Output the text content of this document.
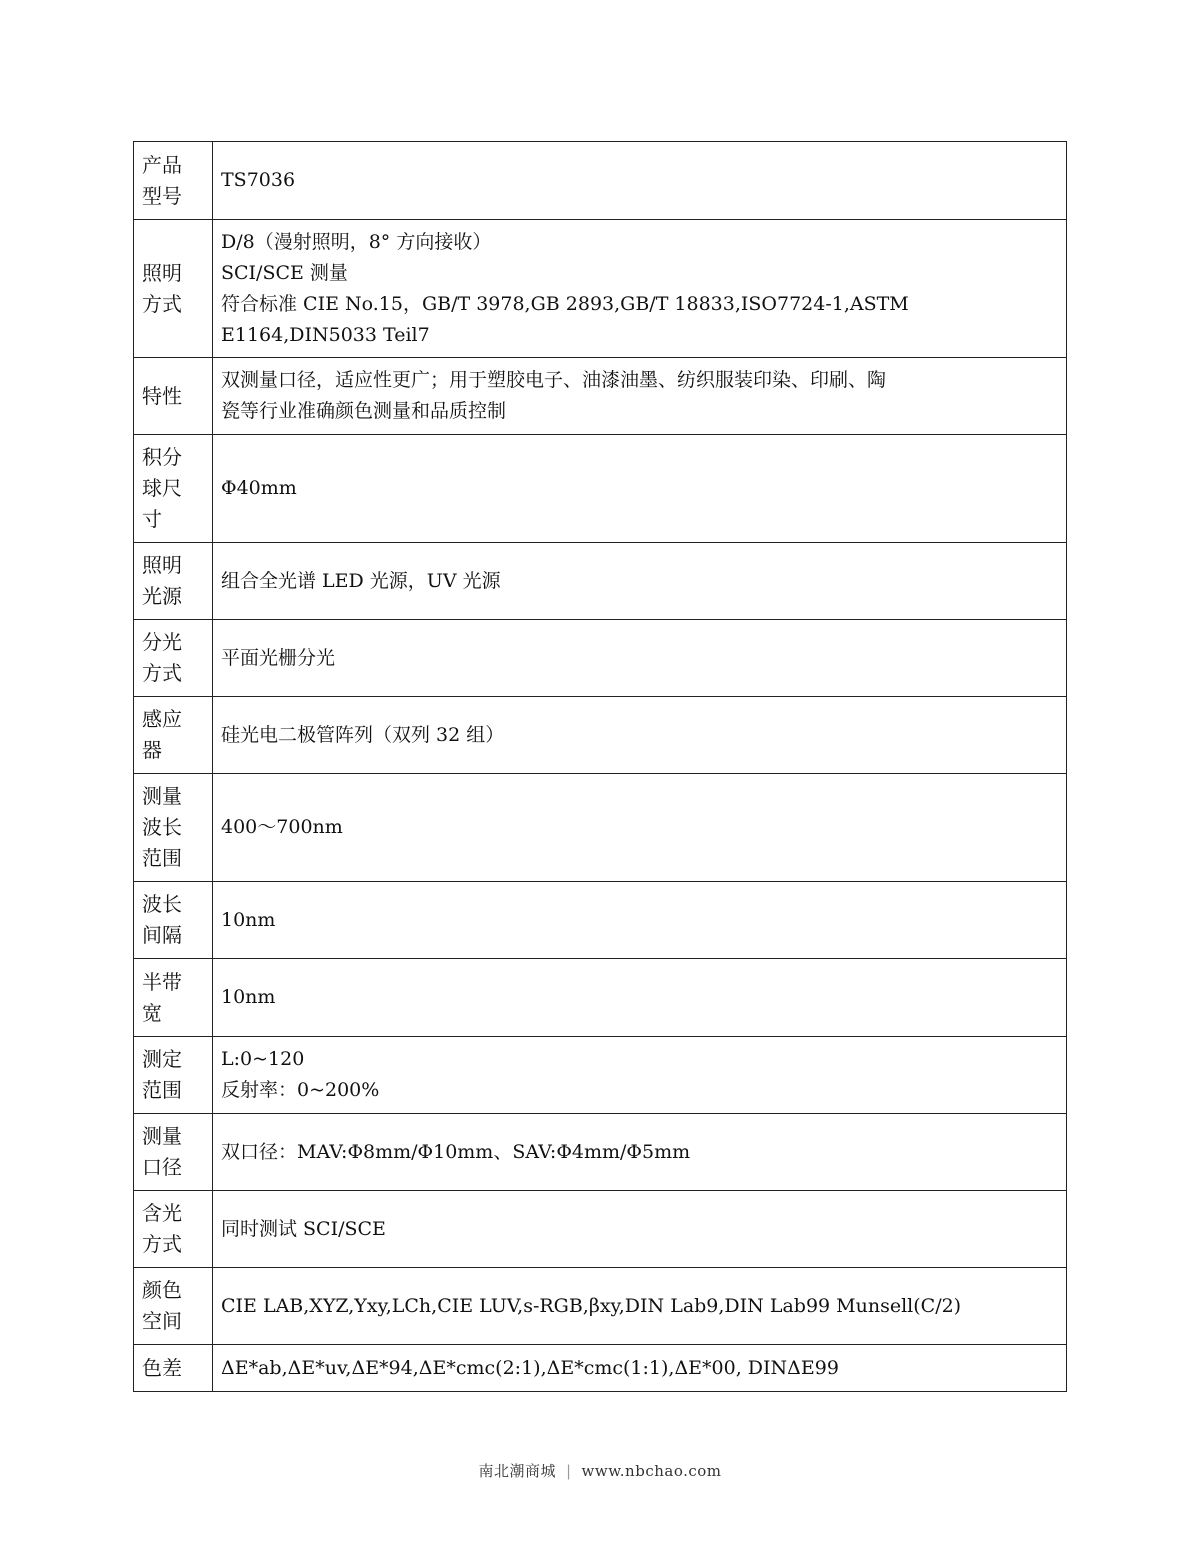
产品
型号	TS7036

照明
方式	D/8（漫射照明，8° 方向接收）
SCI/SCE 测量
符合标准 CIE No.15，GB/T 3978,GB 2893,GB/T 18833,ISO7724-1,ASTM
E1164,DIN5033 Teil7

特性	双测量口径，适应性更广；用于塑胶电子、油漆油墨、纺织服装印染、印刷、陶
瓷等行业准确颜色测量和品质控制

积分
球尺
寸	Φ40mm

照明
光源	组合全光谱 LED 光源，UV 光源

分光
方式	平面光栅分光

感应
器	硅光电二极管阵列（双列 32 组）

测量
波长
范围	400～700nm

波长
间隔	10nm

半带
宽	10nm

测定
范围	L:0~120
反射率：0~200%

测量
口径	双口径：MAV:Φ8mm/Φ10mm、SAV:Φ4mm/Φ5mm

含光
方式	同时测试 SCI/SCE

颜色
空间	CIE LAB,XYZ,Yxy,LCh,CIE LUV,s-RGB,βxy,DIN Lab9,DIN Lab99 Munsell(C/2)

色差	ΔE*ab,ΔE*uv,ΔE*94,ΔE*cmc(2:1),ΔE*cmc(1:1),ΔE*00, DINΔE99
南北潮商城 | www.nbchao.com
